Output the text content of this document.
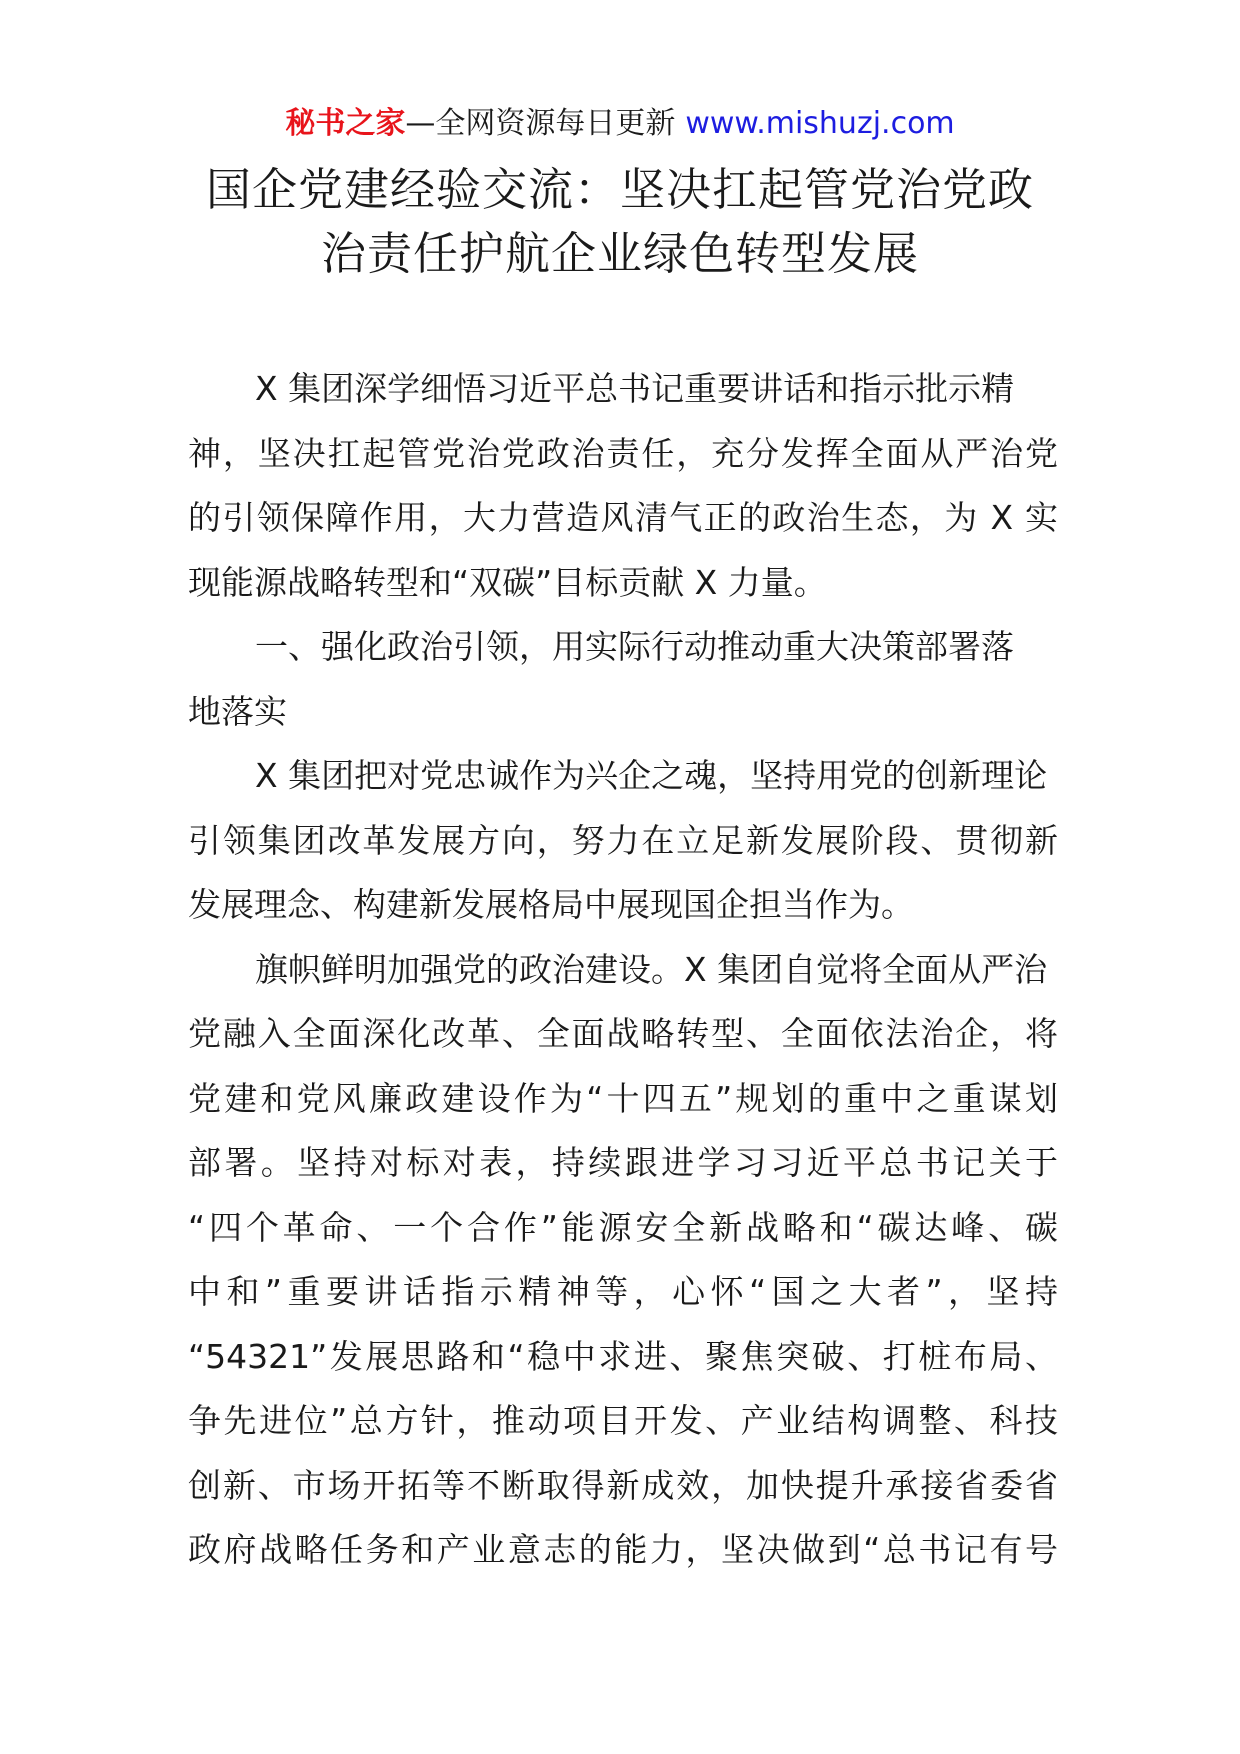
秘书之家—全网资源每日更新 www.mishuzj.com
国企党建经验交流：坚决扛起管党治党政
治责任护航企业绿色转型发展
X 集团深学细悟习近平总书记重要讲话和指示批示精
神，坚决扛起管党治党政治责任，充分发挥全面从严治党
的引领保障作用，大力营造风清气正的政治生态，为 X 实
现能源战略转型和“双碳”目标贡献 X 力量。
一、强化政治引领，用实际行动推动重大决策部署落
地落实
X 集团把对党忠诚作为兴企之魂，坚持用党的创新理论
引领集团改革发展方向，努力在立足新发展阶段、贯彻新
发展理念、构建新发展格局中展现国企担当作为。
旗帜鲜明加强党的政治建设。X 集团自觉将全面从严治
党融入全面深化改革、全面战略转型、全面依法治企，将
党建和党风廉政建设作为“十四五”规划的重中之重谋划
部署。坚持对标对表，持续跟进学习习近平总书记关于
“四个革命、一个合作”能源安全新战略和“碳达峰、碳
中和”重要讲话指示精神等，心怀“国之大者”，坚持
“54321”发展思路和“稳中求进、聚焦突破、打桩布局、
争先进位”总方针，推动项目开发、产业结构调整、科技
创新、市场开拓等不断取得新成效，加快提升承接省委省
政府战略任务和产业意志的能力，坚决做到“总书记有号
